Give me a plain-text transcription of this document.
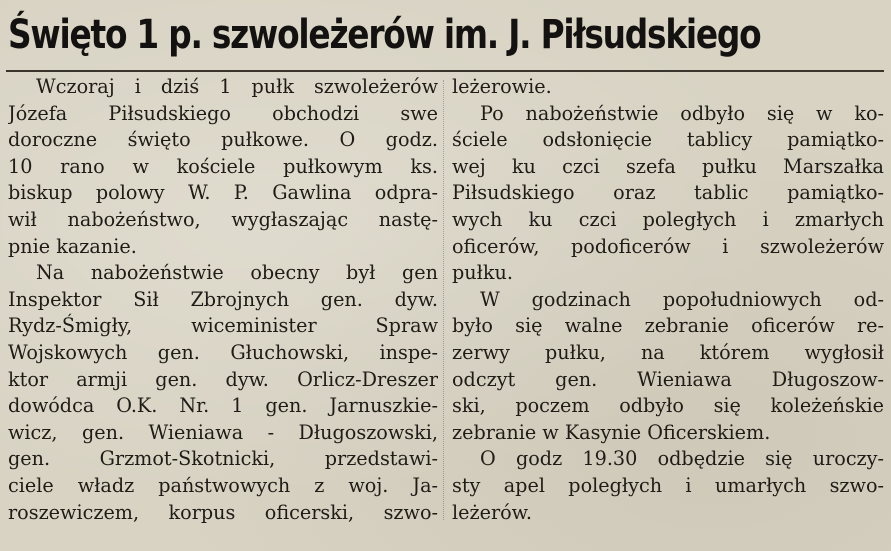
Święto 1 p. szwoleżerów im. J. Piłsudskiego
Wczoraj i dziś 1 pułk szwoleżerów
Józefa Piłsudskiego obchodzi swe
doroczne święto pułkowe. O godz.
10 rano w kościele pułkowym ks.
biskup polowy W. P. Gawlina odpra-
wił nabożeństwo, wygłaszając nastę-
pnie kazanie.
Na nabożeństwie obecny był gen
Inspektor Sił Zbrojnych gen. dyw.
Rydz-Śmigły, wiceminister Spraw
Wojskowych gen. Głuchowski, inspe-
ktor armji gen. dyw. Orlicz-Dreszer
dowódca O.K. Nr. 1 gen. Jarnuszkie-
wicz, gen. Wieniawa - Długoszowski,
gen. Grzmot-Skotnicki, przedstawi-
ciele władz państwowych z woj. Ja-
roszewiczem, korpus oficerski, szwo-
leżerowie.
Po nabożeństwie odbyło się w ko-
ściele odsłonięcie tablicy pamiątko-
wej ku czci szefa pułku Marszałka
Piłsudskiego oraz tablic pamiątko-
wych ku czci poległych i zmarłych
oficerów, podoficerów i szwoleżerów
pułku.
W godzinach popołudniowych od-
było się walne zebranie oficerów re-
zerwy pułku, na którem wygłosił
odczyt gen. Wieniawa Długoszow-
ski, poczem odbyło się koleżeńskie
zebranie w Kasynie Oficerskiem.
O godz 19.30 odbędzie się uroczy-
sty apel poległych i umarłych szwo-
leżerów.
